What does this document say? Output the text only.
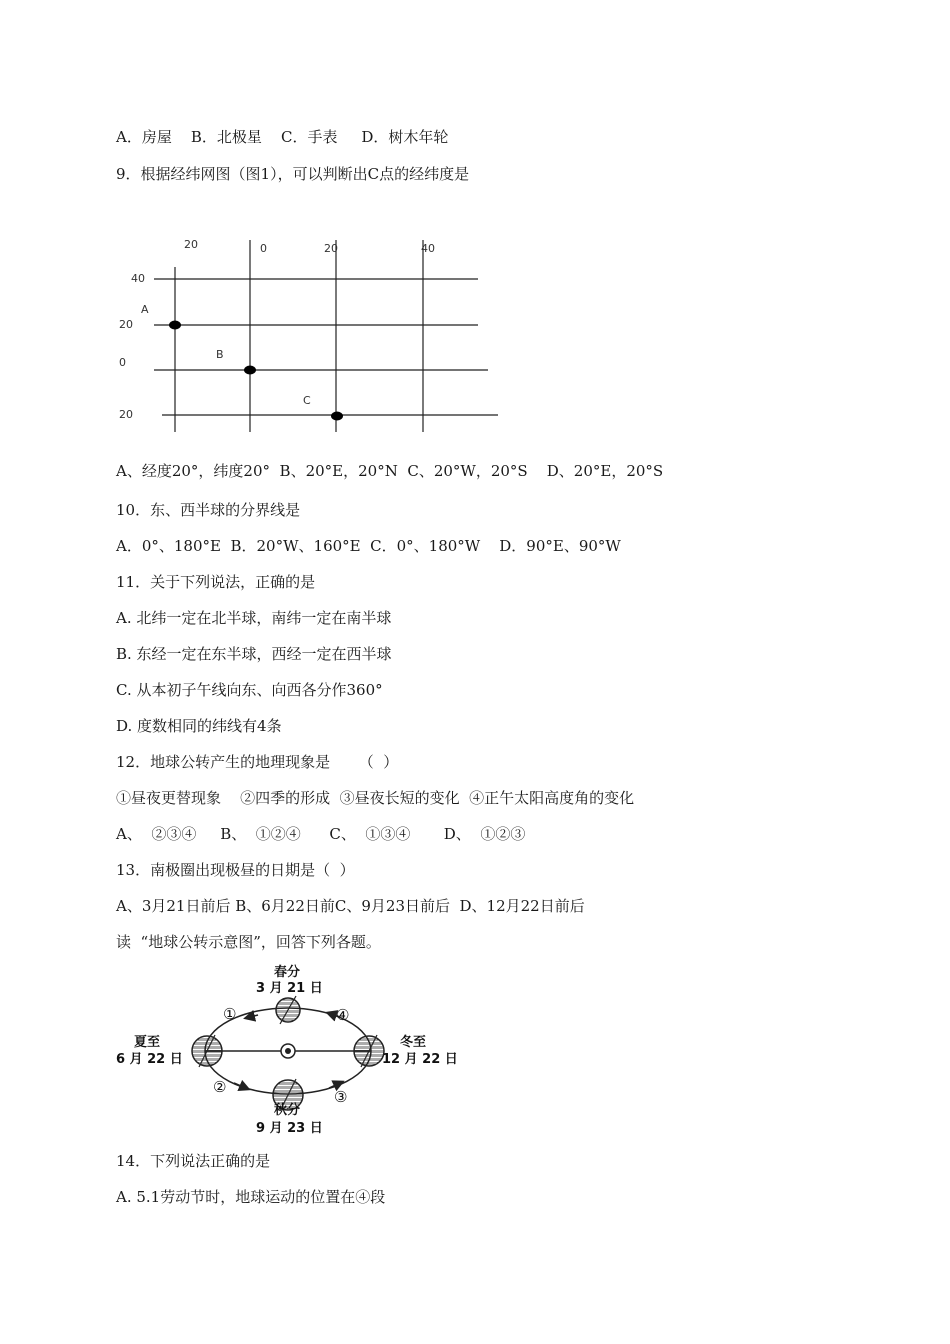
A．房屋    B．北极星    C．手表     D．树木年轮
9．根据经纬网图（图1），可以判断出C点的经纬度是
A、经度20°，纬度20°  B、20°E，20°N  C、20°W，20°S    D、20°E，20°S
10．东、西半球的分界线是
A．0°、180°E  B．20°W、160°E  C．0°、180°W    D．90°E、90°W
11．关于下列说法，正确的是
A. 北纬一定在北半球，南纬一定在南半球
B. 东经一定在东半球，西经一定在西半球
C. 从本初子午线向东、向西各分作360°
D. 度数相同的纬线有4条
12．地球公转产生的地理现象是      （  ）
①昼夜更替现象    ②四季的形成  ③昼夜长短的变化  ④正午太阳高度角的变化
A、  ②③④     B、  ①②④      C、  ①③④       D、  ①②③
13．南极圈出现极昼的日期是（  ）
A、3月21日前后 B、6月22日前C、9月23日前后  D、12月22日前后
读  “地球公转示意图”，回答下列各题。
14．下列说法正确的是
A. 5.1劳动节时，地球运动的位置在④段
20	0	20	40
40
20
0
20
A
B
C
春分
3 月 21 日
夏至
6 月 22 日
秋分
9 月 23 日
冬至
12 月 22 日
①
②
③
④
